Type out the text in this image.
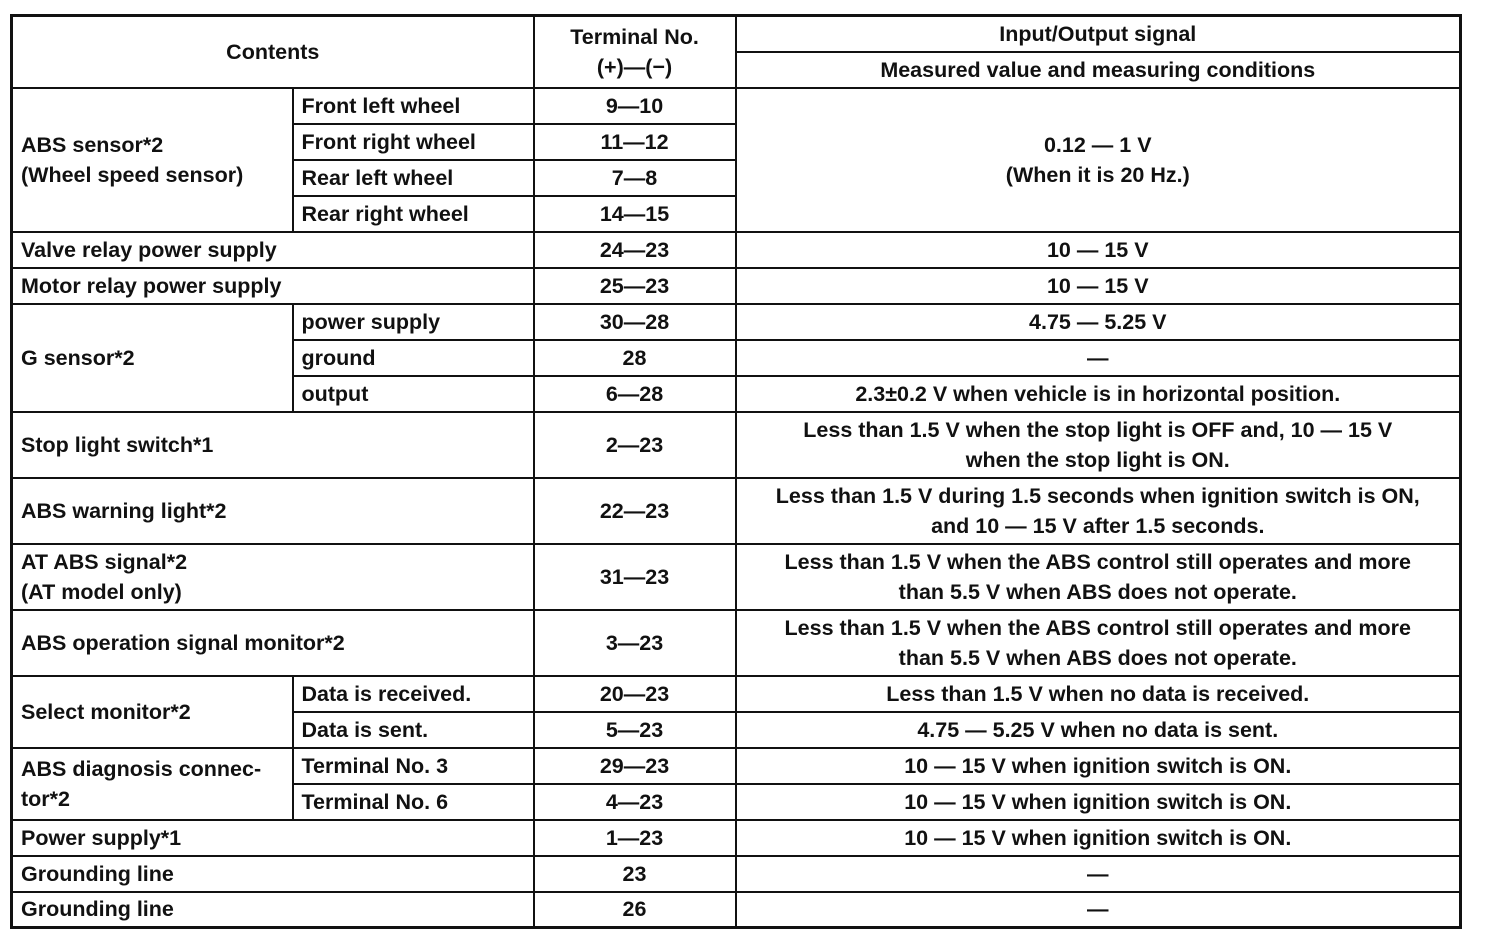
Contents		Terminal No.
(+)—(−)	Input/Output signal
			Measured value and measuring conditions
ABS sensor*2
(Wheel speed sensor)	Front left wheel	9—10	0.12 — 1 V
(When it is 20 Hz.)
	Front right wheel	11—12	
	Rear left wheel	7—8	
	Rear right wheel	14—15	
Valve relay power supply		24—23	10 — 15 V
Motor relay power supply		25—23	10 — 15 V
G sensor*2	power supply	30—28	4.75 — 5.25 V
	ground	28	—
	output	6—28	2.3±0.2 V when vehicle is in horizontal position.
Stop light switch*1		2—23	Less than 1.5 V when the stop light is OFF and, 10 — 15 V
when the stop light is ON.
ABS warning light*2		22—23	Less than 1.5 V during 1.5 seconds when ignition switch is ON,
and 10 — 15 V after 1.5 seconds.
AT ABS signal*2
(AT model only)		31—23	Less than 1.5 V when the ABS control still operates and more
than 5.5 V when ABS does not operate.
ABS operation signal monitor*2		3—23	Less than 1.5 V when the ABS control still operates and more
than 5.5 V when ABS does not operate.
Select monitor*2	Data is received.	20—23	Less than 1.5 V when no data is received.
	Data is sent.	5—23	4.75 — 5.25 V when no data is sent.
ABS diagnosis connec-
tor*2	Terminal No. 3	29—23	10 — 15 V when ignition switch is ON.
	Terminal No. 6	4—23	10 — 15 V when ignition switch is ON.
Power supply*1		1—23	10 — 15 V when ignition switch is ON.
Grounding line		23	—
Grounding line		26	—
